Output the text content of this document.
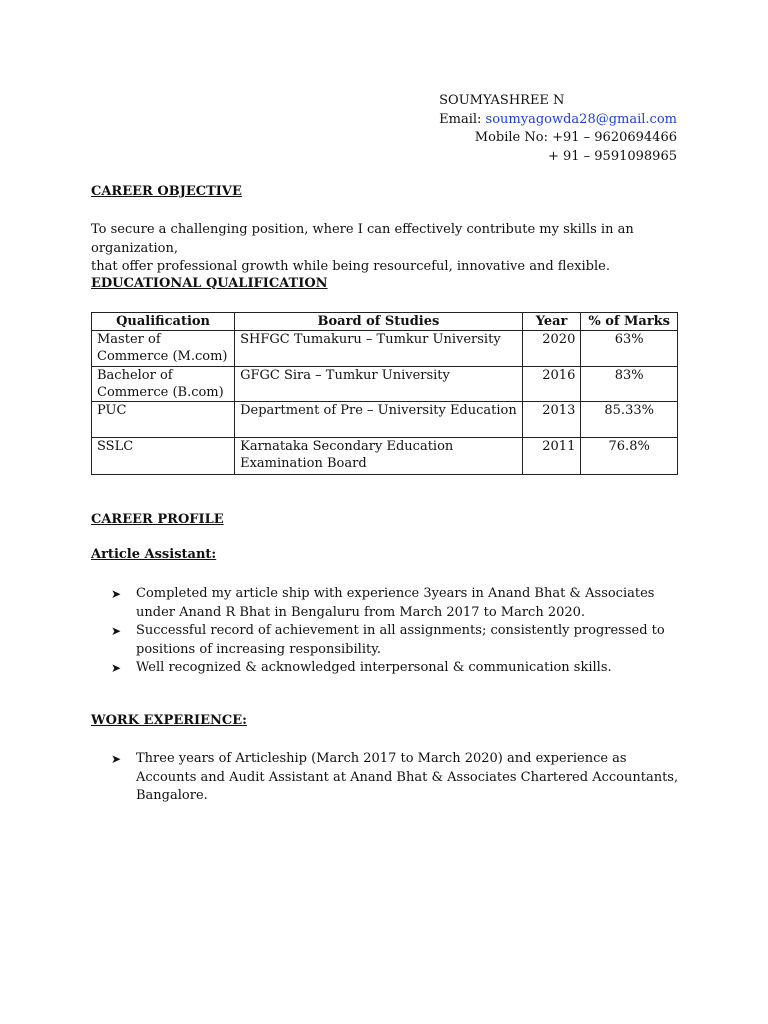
SOUMYASHREE N
Email: soumyagowda28@gmail.com
Mobile No: +91 – 9620694466
+ 91 – 9591098965
CAREER OBJECTIVE
To secure a challenging position, where I can effectively contribute my skills in an organization,
that offer professional growth while being resourceful, innovative and flexible.
EDUCATIONAL QUALIFICATION
Qualification	Board of Studies	Year	% of Marks
Master of Commerce (M.com)	SHFGC Tumakuru – Tumkur University	2020	63%
Bachelor of Commerce (B.com)	GFGC Sira – Tumkur University	2016	83%
PUC	Department of Pre – University Education	2013	85.33%
SSLC	Karnataka Secondary Education Examination Board	2011	76.8%
CAREER PROFILE
Article Assistant:
➤ Completed my article ship with experience 3years in Anand Bhat & Associates under Anand R Bhat in Bengaluru from March 2017 to March 2020.
➤ Successful record of achievement in all assignments; consistently progressed to positions of increasing responsibility.
➤ Well recognized & acknowledged interpersonal & communication skills.
WORK EXPERIENCE:
➤ Three years of Articleship (March 2017 to March 2020) and experience as Accounts and Audit Assistant at Anand Bhat & Associates Chartered Accountants, Bangalore.
